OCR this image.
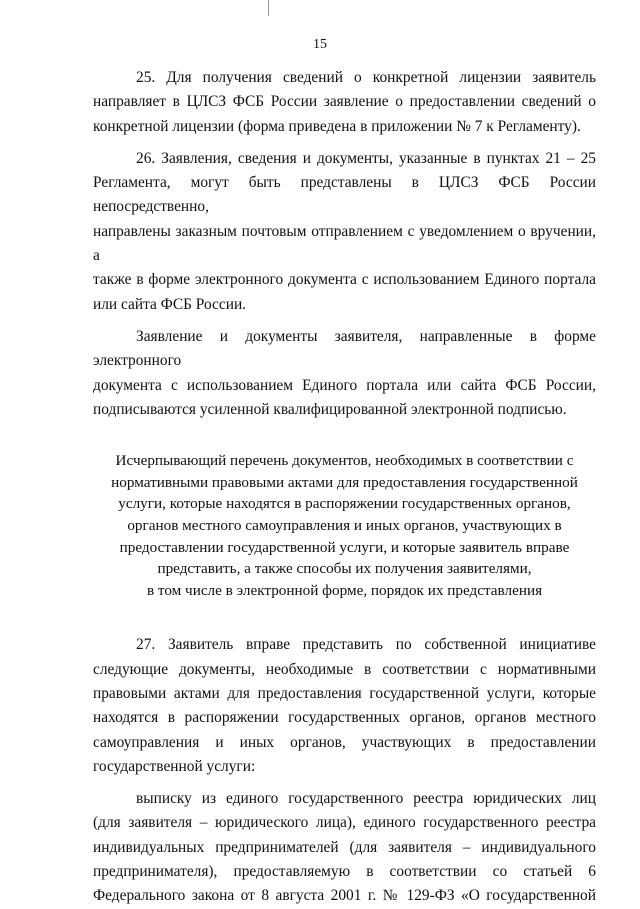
15

25. Для получения сведений о конкретной лицензии заявитель
направляет в ЦЛСЗ ФСБ России заявление о предоставлении сведений о
конкретной лицензии (форма приведена в приложении № 7 к Регламенту).

26. Заявления, сведения и документы, указанные в пунктах 21 – 25
Регламента, могут быть представлены в ЦЛСЗ ФСБ России непосредственно,
направлены заказным почтовым отправлением с уведомлением о вручении, а
также в форме электронного документа с использованием Единого портала
или сайта ФСБ России.

Заявление и документы заявителя, направленные в форме электронного
документа с использованием Единого портала или сайта ФСБ России,
подписываются усиленной квалифицированной электронной подписью.

Исчерпывающий перечень документов, необходимых в соответствии с
нормативными правовыми актами для предоставления государственной
услуги, которые находятся в распоряжении государственных органов,
органов местного самоуправления и иных органов, участвующих в
предоставлении государственной услуги, и которые заявитель вправе
представить, а также способы их получения заявителями,
в том числе в электронной форме, порядок их представления

27. Заявитель вправе представить по собственной инициативе
следующие документы, необходимые в соответствии с нормативными
правовыми актами для предоставления государственной услуги, которые
находятся в распоряжении государственных органов, органов местного
самоуправления и иных органов, участвующих в предоставлении
государственной услуги:

выписку из единого государственного реестра юридических лиц
(для заявителя – юридического лица), единого государственного реестра
индивидуальных предпринимателей (для заявителя – индивидуального
предпринимателя), предоставляемую в соответствии со статьей 6
Федерального закона от 8 августа 2001 г. № 129-ФЗ «О государственной
